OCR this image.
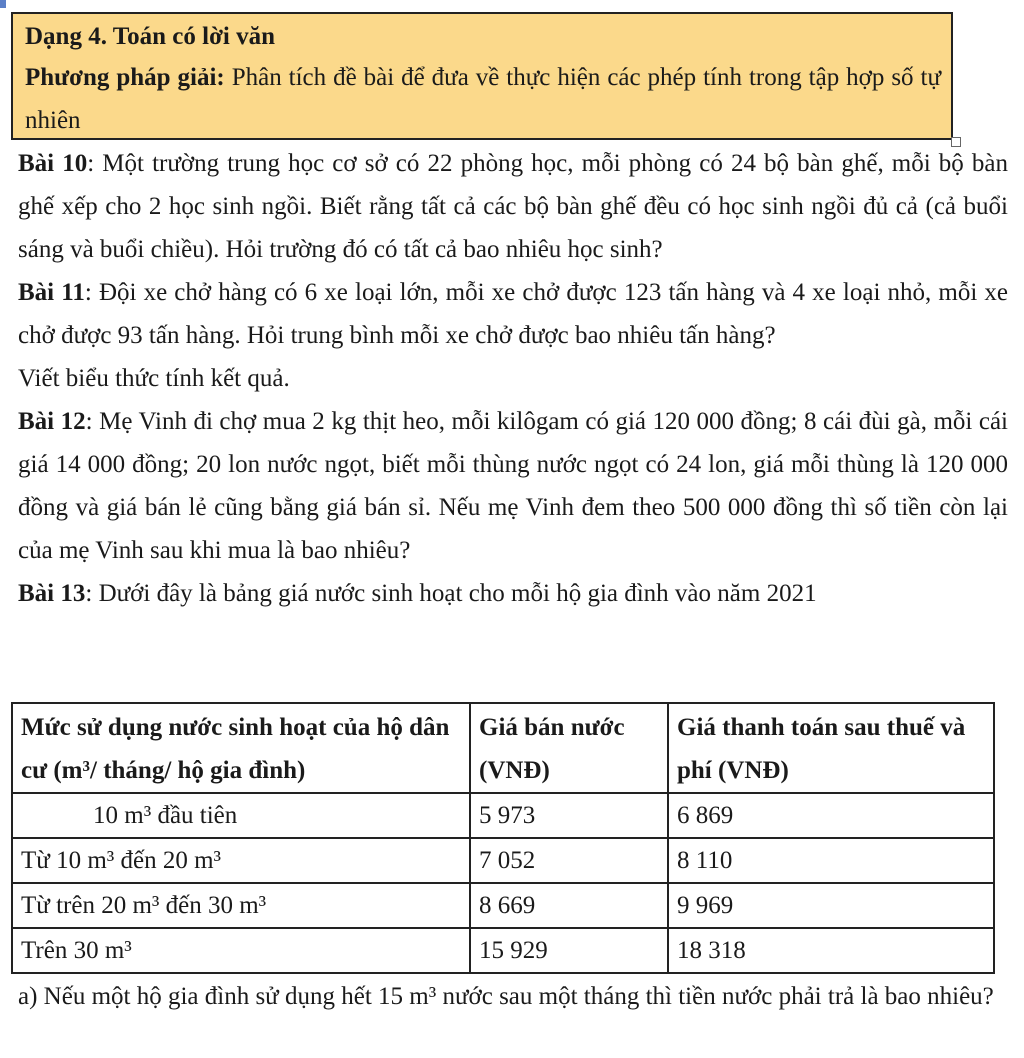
Dạng 4. Toán có lời văn
Phương pháp giải: Phân tích đề bài để đưa về thực hiện các phép tính trong tập hợp số tự nhiên

Bài 10: Một trường trung học cơ sở có 22 phòng học, mỗi phòng có 24 bộ bàn ghế, mỗi bộ bàn ghế xếp cho 2 học sinh ngồi. Biết rằng tất cả các bộ bàn ghế đều có học sinh ngồi đủ cả (cả buổi sáng và buổi chiều). Hỏi trường đó có tất cả bao nhiêu học sinh?

Bài 11: Đội xe chở hàng có 6 xe loại lớn, mỗi xe chở được 123 tấn hàng và 4 xe loại nhỏ, mỗi xe chở được 93 tấn hàng. Hỏi trung bình mỗi xe chở được bao nhiêu tấn hàng?

Viết biểu thức tính kết quả.

Bài 12: Mẹ Vinh đi chợ mua 2 kg thịt heo, mỗi kilôgam có giá 120 000 đồng; 8 cái đùi gà, mỗi cái giá 14 000 đồng; 20 lon nước ngọt, biết mỗi thùng nước ngọt có 24 lon, giá mỗi thùng là 120 000 đồng và giá bán lẻ cũng bằng giá bán sỉ. Nếu mẹ Vinh đem theo 500 000 đồng thì số tiền còn lại của mẹ Vinh sau khi mua là bao nhiêu?

Bài 13: Dưới đây là bảng giá nước sinh hoạt cho mỗi hộ gia đình vào năm 2021

Mức sử dụng nước sinh hoạt của hộ dân cư (m³/ tháng/ hộ gia đình)	Giá bán nước (VNĐ)	Giá thanh toán sau thuế và phí (VNĐ)
10 m³ đầu tiên	5 973	6 869
Từ 10 m³ đến 20 m³	7 052	8 110
Từ trên 20 m³ đến 30 m³	8 669	9 969
Trên 30 m³	15 929	18 318
a) Nếu một hộ gia đình sử dụng hết 15 m³ nước sau một tháng thì tiền nước phải trả là bao nhiêu?
